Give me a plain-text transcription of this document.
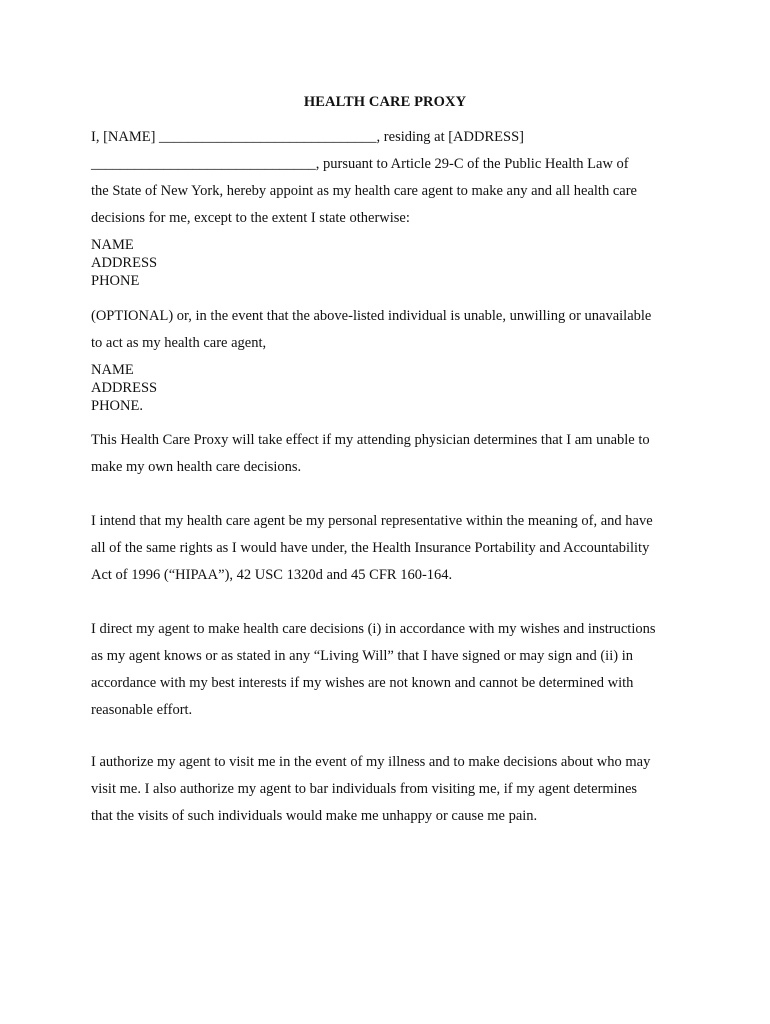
HEALTH CARE PROXY
I, [NAME] ______________________________, residing at [ADDRESS]
_______________________________, pursuant to Article 29-C of the Public Health Law of
the State of New York, hereby appoint as my health care agent to make any and all health care
decisions for me, except to the extent I state otherwise:
NAME
ADDRESS
PHONE
(OPTIONAL) or, in the event that the above-listed individual is unable, unwilling or unavailable
to act as my health care agent,
NAME
ADDRESS
PHONE.
This Health Care Proxy will take effect if my attending physician determines that I am unable to
make my own health care decisions.
I intend that my health care agent be my personal representative within the meaning of, and have
all of the same rights as I would have under, the Health Insurance Portability and Accountability
Act of 1996 (“HIPAA”), 42 USC 1320d and 45 CFR 160-164.
I direct my agent to make health care decisions (i) in accordance with my wishes and instructions
as my agent knows or as stated in any “Living Will” that I have signed or may sign and (ii) in
accordance with my best interests if my wishes are not known and cannot be determined with
reasonable effort.
I authorize my agent to visit me in the event of my illness and to make decisions about who may
visit me. I also authorize my agent to bar individuals from visiting me, if my agent determines
that the visits of such individuals would make me unhappy or cause me pain.
